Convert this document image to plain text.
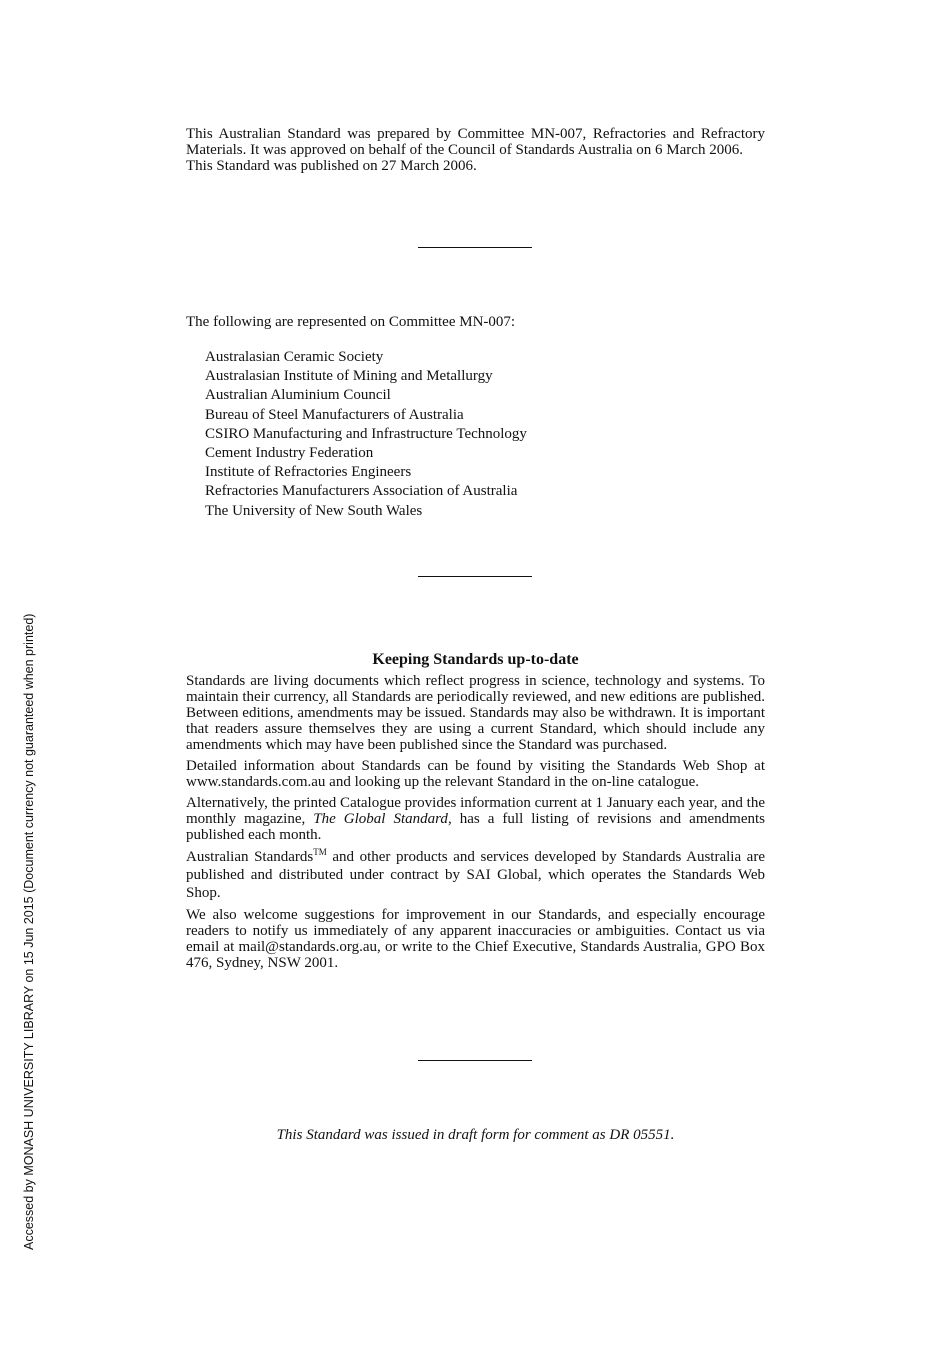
Accessed by MONASH UNIVERSITY LIBRARY on 15 Jun 2015 (Document currency not guaranteed when printed)

This Australian Standard was prepared by Committee MN-007, Refractories and Refractory Materials. It was approved on behalf of the Council of Standards Australia on 6 March 2006.

This Standard was published on 27 March 2006.

The following are represented on Committee MN-007:
Australasian Ceramic Society
Australasian Institute of Mining and Metallurgy
Australian Aluminium Council
Bureau of Steel Manufacturers of Australia
CSIRO Manufacturing and Infrastructure Technology
Cement Industry Federation
Institute of Refractories Engineers
Refractories Manufacturers Association of Australia
The University of New South Wales
Keeping Standards up-to-date

Standards are living documents which reflect progress in science, technology and systems. To maintain their currency, all Standards are periodically reviewed, and new editions are published. Between editions, amendments may be issued. Standards may also be withdrawn. It is important that readers assure themselves they are using a current Standard, which should include any amendments which may have been published since the Standard was purchased.

Detailed information about Standards can be found by visiting the Standards Web Shop at www.standards.com.au and looking up the relevant Standard in the on-line catalogue.

Alternatively, the printed Catalogue provides information current at 1 January each year, and the monthly magazine, The Global Standard, has a full listing of revisions and amendments published each month.

Australian Standards™ and other products and services developed by Standards Australia are published and distributed under contract by SAI Global, which operates the Standards Web Shop.

We also welcome suggestions for improvement in our Standards, and especially encourage readers to notify us immediately of any apparent inaccuracies or ambiguities. Contact us via email at mail@standards.org.au, or write to the Chief Executive, Standards Australia, GPO Box 476, Sydney, NSW 2001.

This Standard was issued in draft form for comment as DR 05551.
